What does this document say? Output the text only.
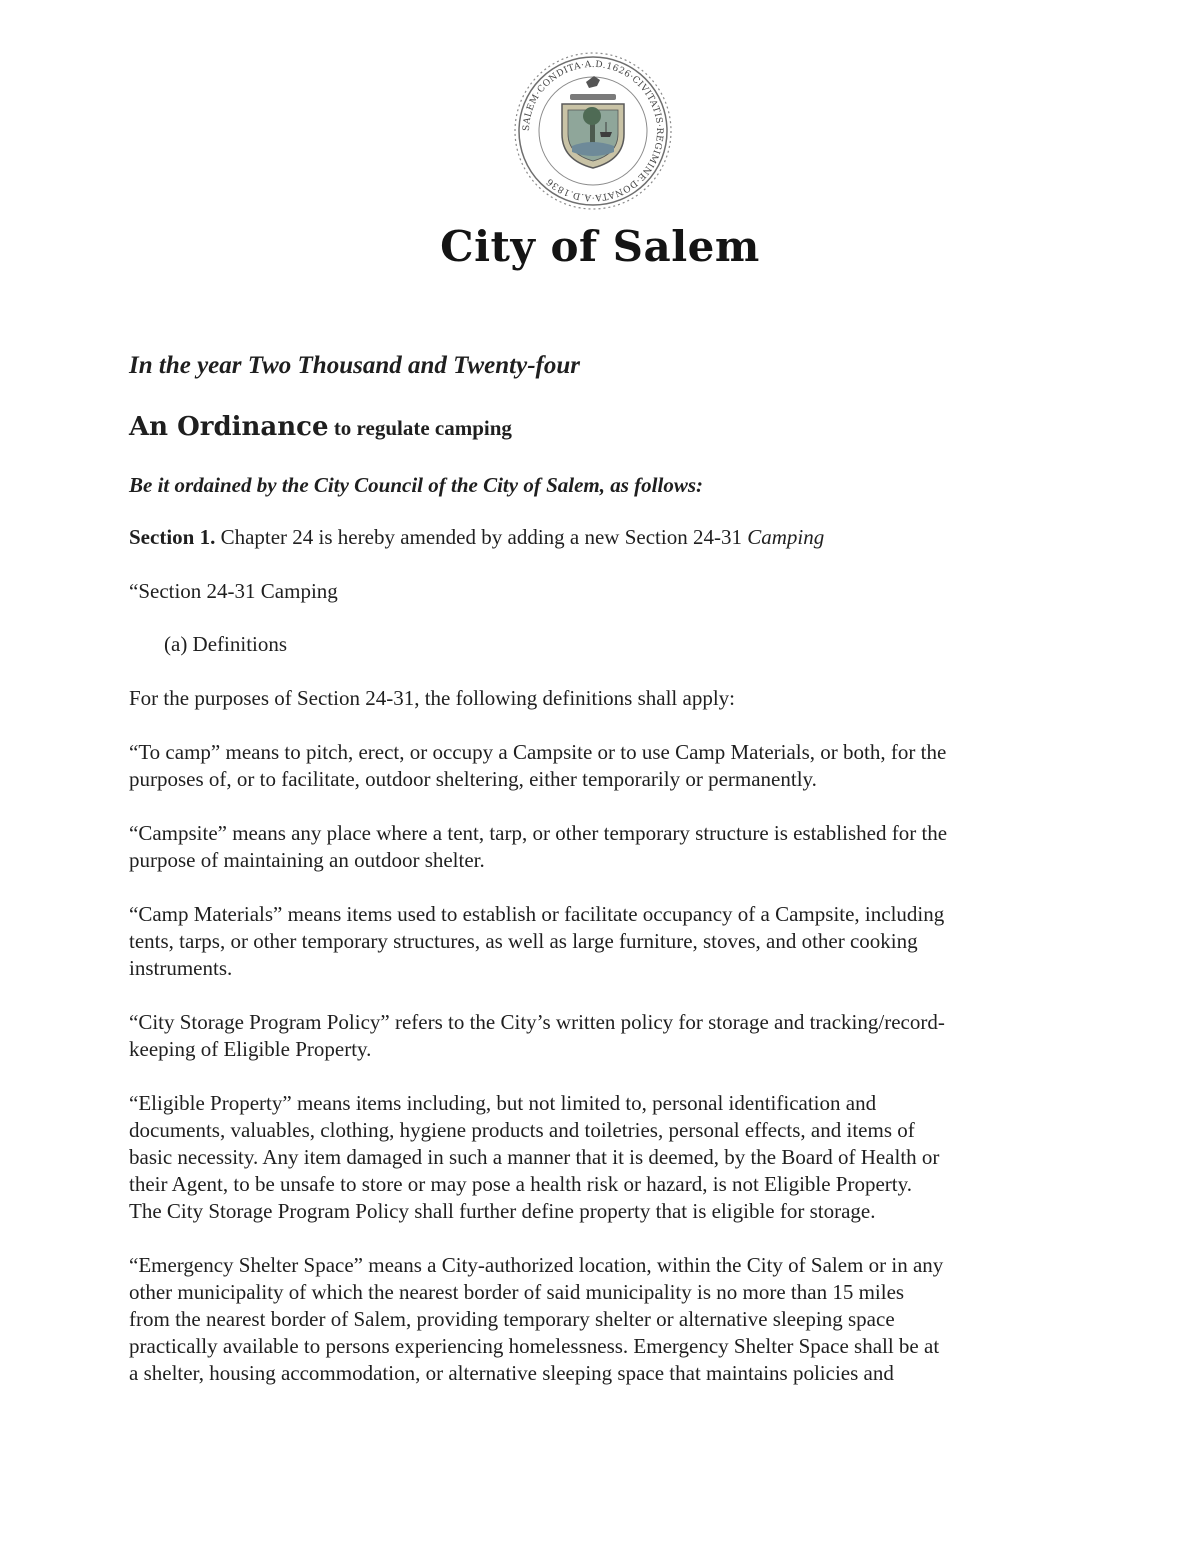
SALEM·CONDITA·A.D.1626·CIVITATIS·REGIMINE·DONATA·A.D.1836
City of Salem
In the year Two Thousand and Twenty-four
An Ordinance to regulate camping
Be it ordained by the City Council of the City of Salem, as follows:
Section 1. Chapter 24 is hereby amended by adding a new Section 24-31 Camping
“Section 24-31 Camping
(a) Definitions
For the purposes of Section 24-31, the following definitions shall apply:
“To camp” means to pitch, erect, or occupy a Campsite or to use Camp Materials, or both, for the
purposes of, or to facilitate, outdoor sheltering, either temporarily or permanently.
“Campsite” means any place where a tent, tarp, or other temporary structure is established for the
purpose of maintaining an outdoor shelter.
“Camp Materials” means items used to establish or facilitate occupancy of a Campsite, including
tents, tarps, or other temporary structures, as well as large furniture, stoves, and other cooking
instruments.
“City Storage Program Policy” refers to the City’s written policy for storage and tracking/record-
keeping of Eligible Property.
“Eligible Property” means items including, but not limited to, personal identification and
documents, valuables, clothing, hygiene products and toiletries, personal effects, and items of
basic necessity. Any item damaged in such a manner that it is deemed, by the Board of Health or
their Agent, to be unsafe to store or may pose a health risk or hazard, is not Eligible Property.
The City Storage Program Policy shall further define property that is eligible for storage.
“Emergency Shelter Space” means a City-authorized location, within the City of Salem or in any
other municipality of which the nearest border of said municipality is no more than 15 miles
from the nearest border of Salem, providing temporary shelter or alternative sleeping space
practically available to persons experiencing homelessness. Emergency Shelter Space shall be at
a shelter, housing accommodation, or alternative sleeping space that maintains policies and
